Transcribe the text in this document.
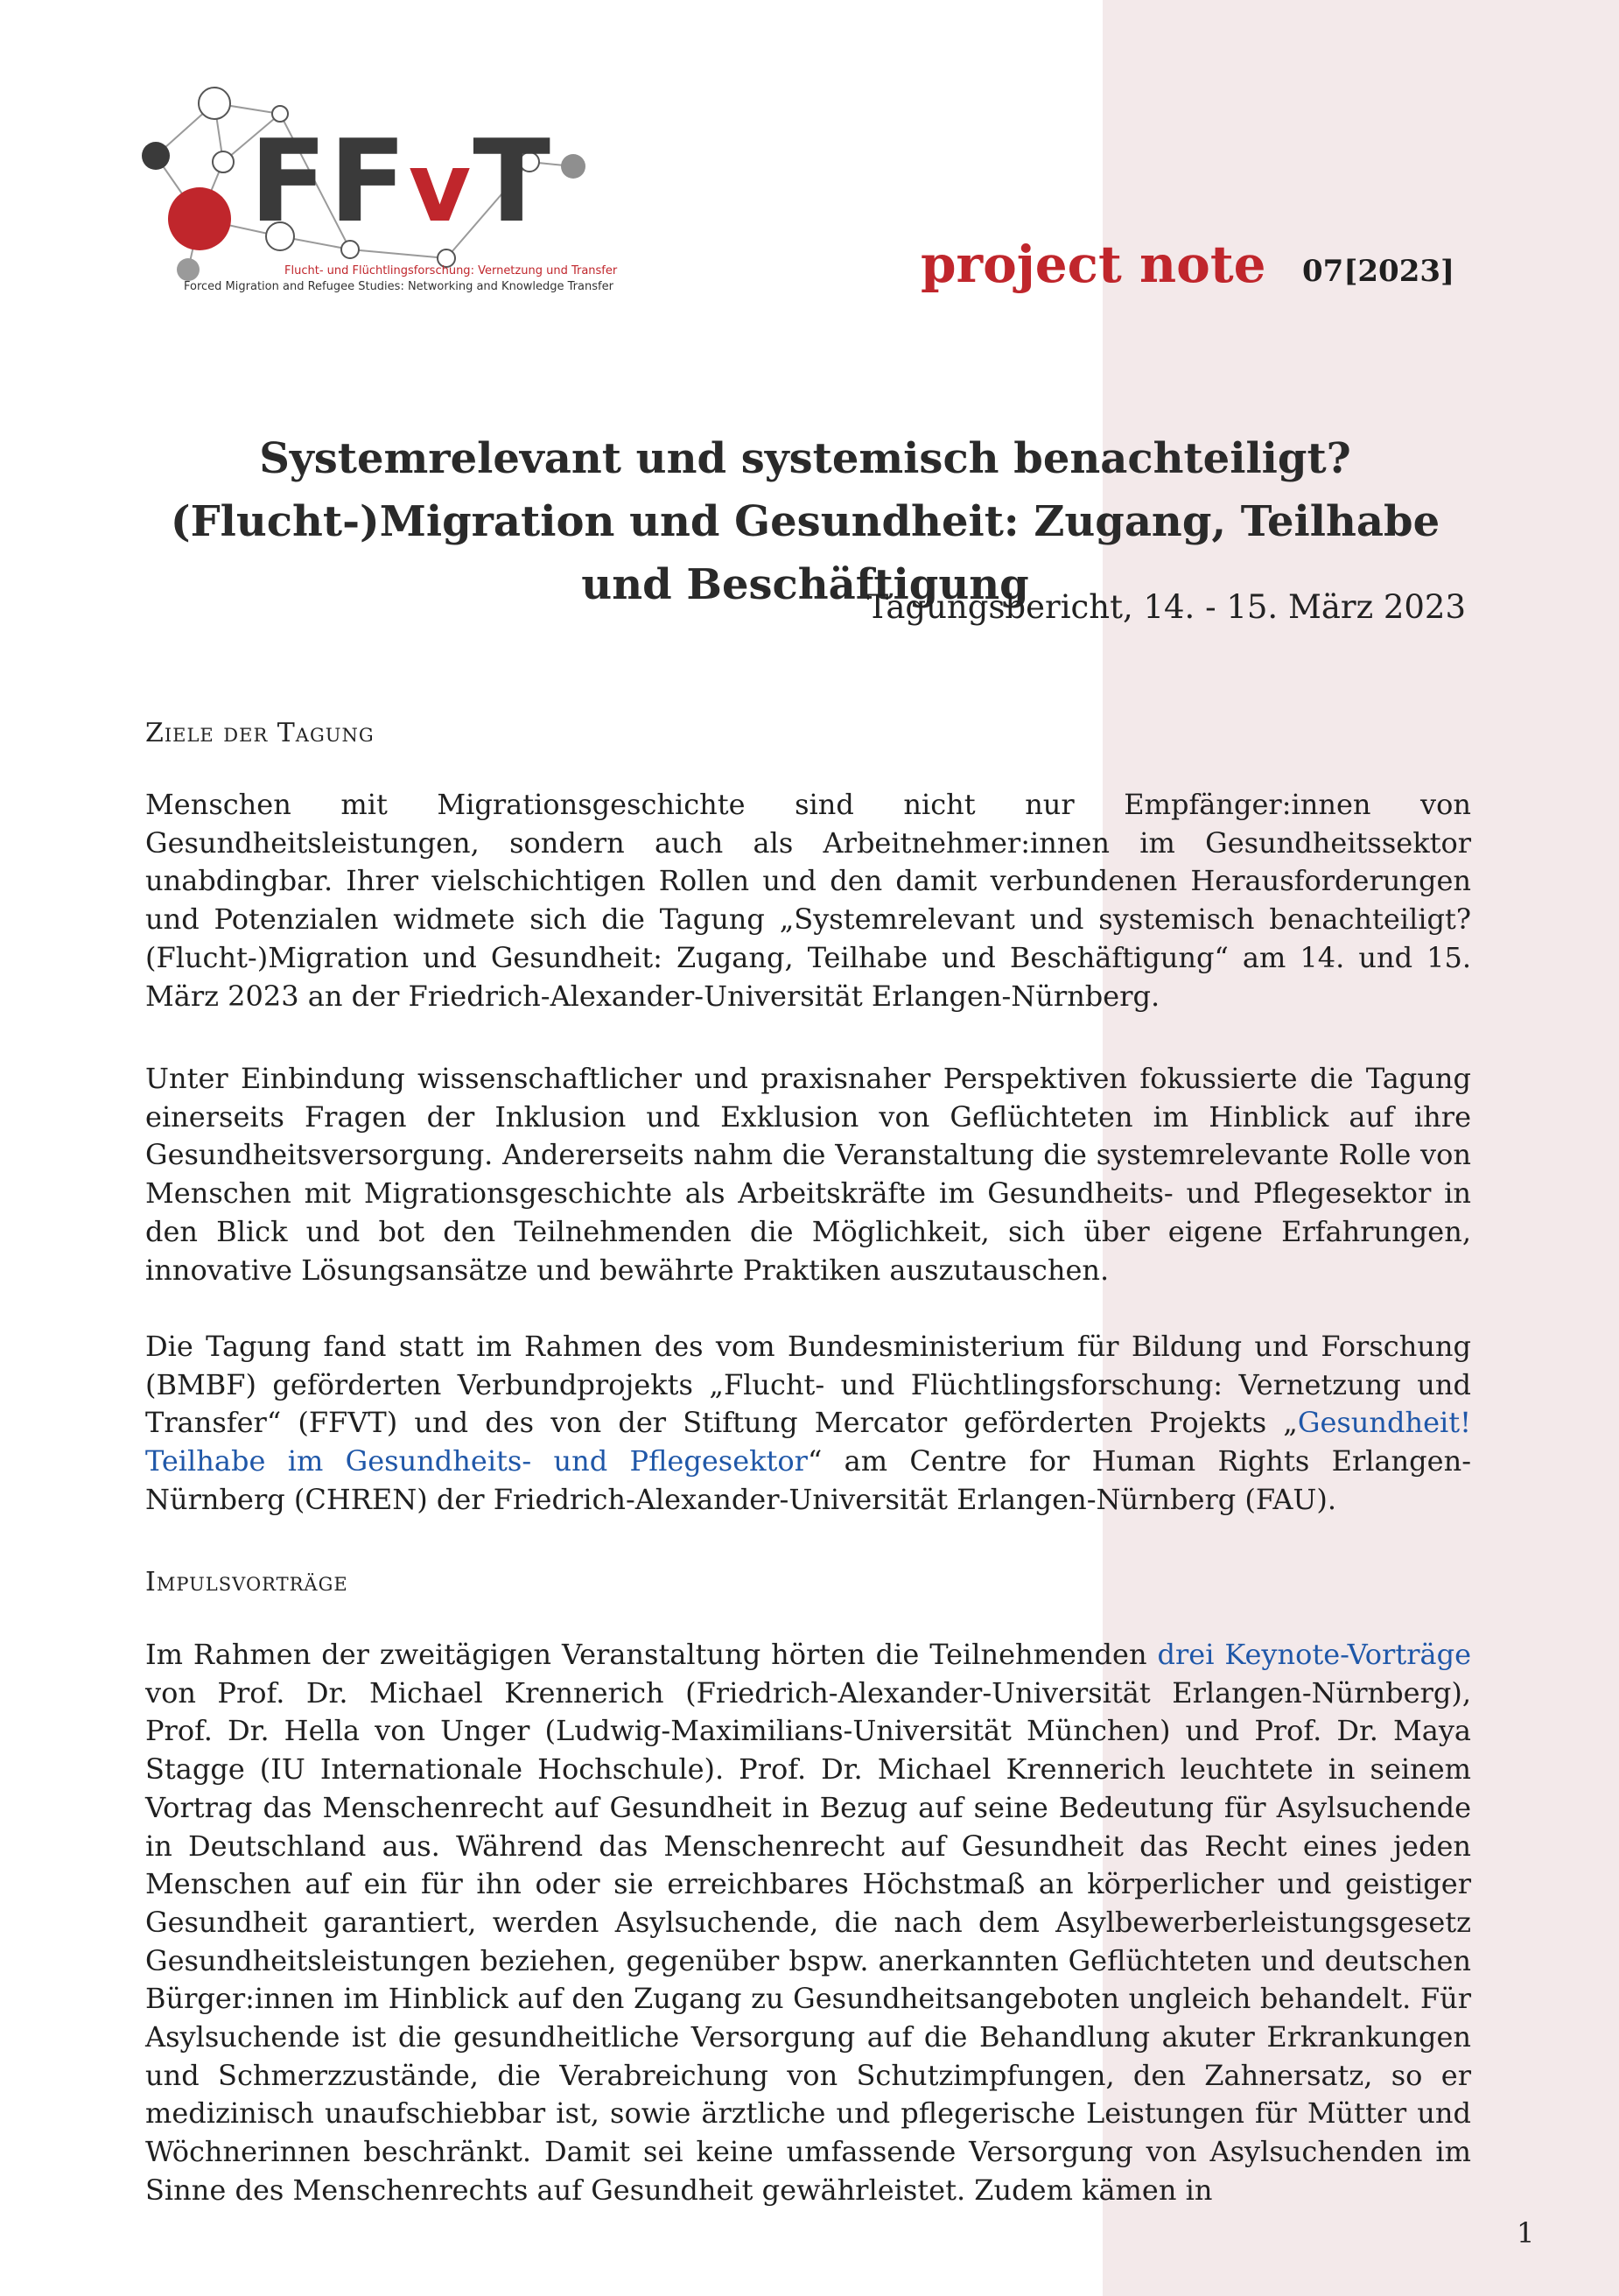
FFvT
Flucht- und Flüchtlingsforschung: Vernetzung und Transfer
Forced Migration and Refugee Studies: Networking and Knowledge Transfer	project note 07[2023]
Systemrelevant und systemisch benachteiligt? (Flucht-)Migration und Gesundheit: Zugang, Teilhabe und Beschäftigung
Tagungsbericht, 14. - 15. März 2023
Ziele der Tagung
Menschen mit Migrationsgeschichte sind nicht nur Empfänger:innen von Gesundheitsleistungen, sondern auch als Arbeitnehmer:innen im Gesundheitssektor unabdingbar. Ihrer vielschichtigen Rollen und den damit verbundenen Herausforderungen und Potenzialen widmete sich die Tagung „Systemrelevant und systemisch benachteiligt? (Flucht-)Migration und Gesundheit: Zugang, Teilhabe und Beschäftigung“ am 14. und 15. März 2023 an der Friedrich-Alexander-Universität Erlangen-Nürnberg.
Unter Einbindung wissenschaftlicher und praxisnaher Perspektiven fokussierte die Tagung einerseits Fragen der Inklusion und Exklusion von Geflüchteten im Hinblick auf ihre Gesundheitsversorgung. Andererseits nahm die Veranstaltung die systemrelevante Rolle von Menschen mit Migrationsgeschichte als Arbeitskräfte im Gesundheits- und Pflegesektor in den Blick und bot den Teilnehmenden die Möglichkeit, sich über eigene Erfahrungen, innovative Lösungsansätze und bewährte Praktiken auszutauschen.
Die Tagung fand statt im Rahmen des vom Bundesministerium für Bildung und Forschung (BMBF) geförderten Verbundprojekts „Flucht- und Flüchtlingsforschung: Vernetzung und Transfer“ (FFVT) und des von der Stiftung Mercator geförderten Projekts „Gesundheit! Teilhabe im Gesundheits- und Pflegesektor“ am Centre for Human Rights Erlangen-Nürnberg (CHREN) der Friedrich-Alexander-Universität Erlangen-Nürnberg (FAU).
Impulsvorträge
Im Rahmen der zweitägigen Veranstaltung hörten die Teilnehmenden drei Keynote-Vorträge von Prof. Dr. Michael Krennerich (Friedrich-Alexander-Universität Erlangen-Nürnberg), Prof. Dr. Hella von Unger (Ludwig-Maximilians-Universität München) und Prof. Dr. Maya Stagge (IU Internationale Hochschule). Prof. Dr. Michael Krennerich leuchtete in seinem Vortrag das Menschenrecht auf Gesundheit in Bezug auf seine Bedeutung für Asylsuchende in Deutschland aus. Während das Menschenrecht auf Gesundheit das Recht eines jeden Menschen auf ein für ihn oder sie erreichbares Höchstmaß an körperlicher und geistiger Gesundheit garantiert, werden Asylsuchende, die nach dem Asylbewerberleistungsgesetz Gesundheitsleistungen beziehen, gegenüber bspw. anerkannten Geflüchteten und deutschen Bürger:innen im Hinblick auf den Zugang zu Gesundheitsangeboten ungleich behandelt. Für Asylsuchende ist die gesundheitliche Versorgung auf die Behandlung akuter Erkrankungen und Schmerzzustände, die Verabreichung von Schutzimpfungen, den Zahnersatz, so er medizinisch unaufschiebbar ist, sowie ärztliche und pflegerische Leistungen für Mütter und Wöchnerinnen beschränkt. Damit sei keine umfassende Versorgung von Asylsuchenden im Sinne des Menschenrechts auf Gesundheit gewährleistet. Zudem kämen in
1
